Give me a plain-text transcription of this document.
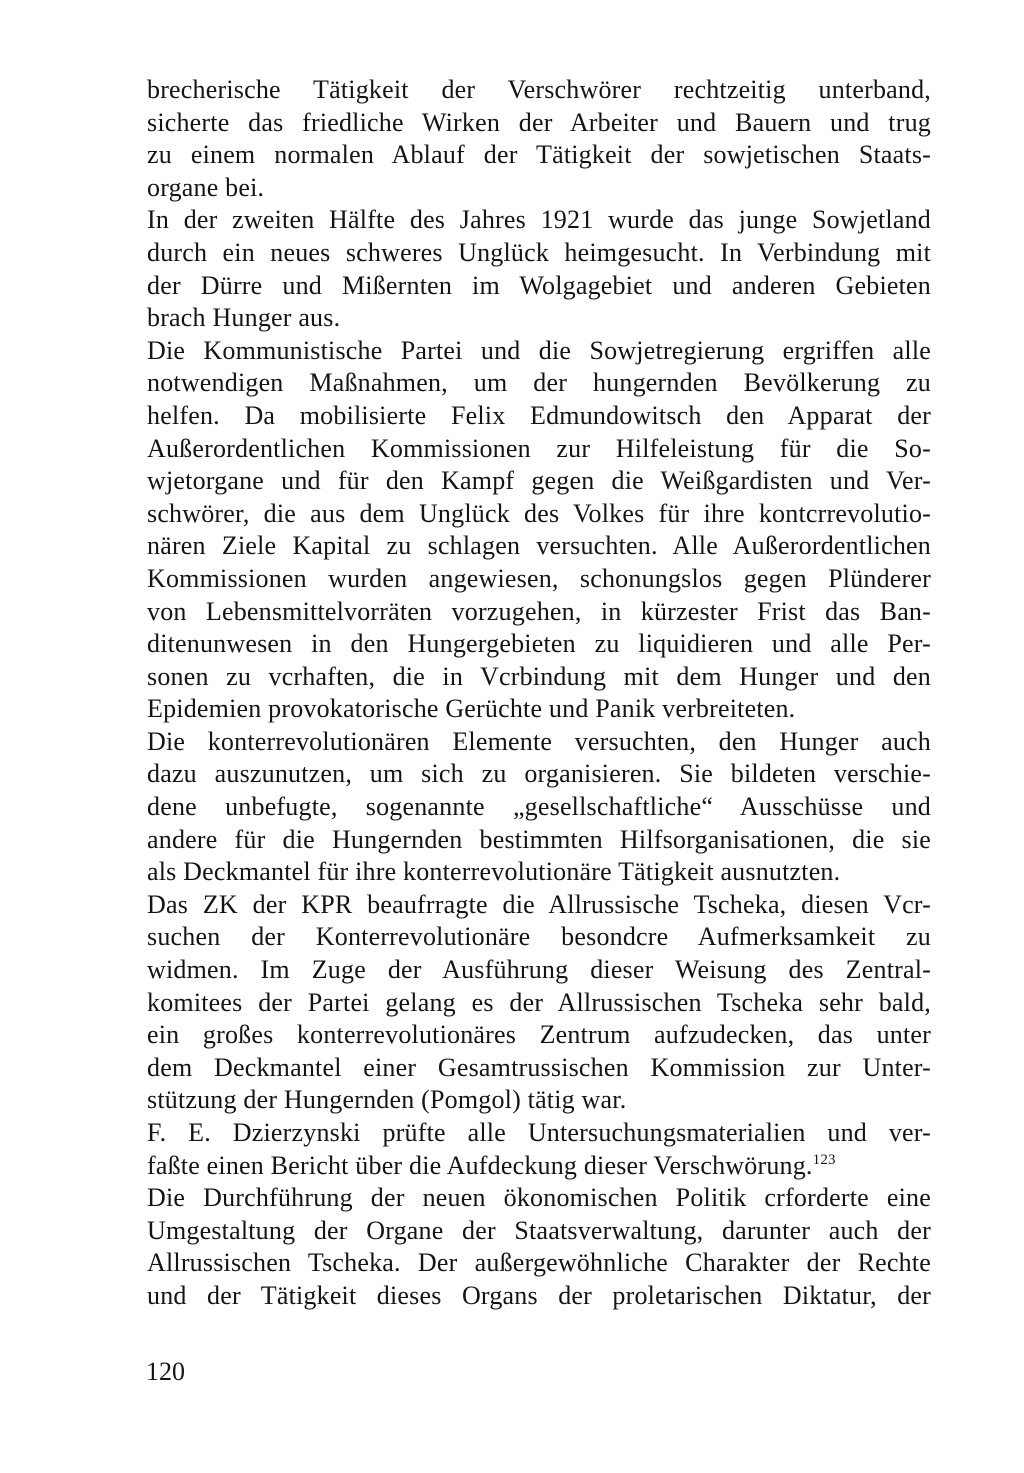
brecherische Tätigkeit der Verschwörer rechtzeitig unterband,
sicherte das friedliche Wirken der Arbeiter und Bauern und trug
zu einem normalen Ablauf der Tätigkeit der sowjetischen Staats-
organe bei.
In der zweiten Hälfte des Jahres 1921 wurde das junge Sowjetland
durch ein neues schweres Unglück heimgesucht. In Verbindung mit
der Dürre und Mißernten im Wolgagebiet und anderen Gebieten
brach Hunger aus.
Die Kommunistische Partei und die Sowjetregierung ergriffen alle
notwendigen Maßnahmen, um der hungernden Bevölkerung zu
helfen. Da mobilisierte Felix Edmundowitsch den Apparat der
Außerordentlichen Kommissionen zur Hilfeleistung für die So-
wjetorgane und für den Kampf gegen die Weißgardisten und Ver-
schwörer, die aus dem Unglück des Volkes für ihre kontcrrevolutio-
nären Ziele Kapital zu schlagen versuchten. Alle Außerordentlichen
Kommissionen wurden angewiesen, schonungslos gegen Plünderer
von Lebensmittelvorräten vorzugehen, in kürzester Frist das Ban-
ditenunwesen in den Hungergebieten zu liquidieren und alle Per-
sonen zu vcrhaften, die in Vcrbindung mit dem Hunger und den
Epidemien provokatorische Gerüchte und Panik verbreiteten.
Die konterrevolutionären Elemente versuchten, den Hunger auch
dazu auszunutzen, um sich zu organisieren. Sie bildeten verschie-
dene unbefugte, sogenannte „gesellschaftliche“ Ausschüsse und
andere für die Hungernden bestimmten Hilfsorganisationen, die sie
als Deckmantel für ihre konterrevolutionäre Tätigkeit ausnutzten.
Das ZK der KPR beaufrragte die Allrussische Tscheka, diesen Vcr-
suchen der Konterrevolutionäre besondcre Aufmerksamkeit zu
widmen. Im Zuge der Ausführung dieser Weisung des Zentral-
komitees der Partei gelang es der Allrussischen Tscheka sehr bald,
ein großes konterrevolutionäres Zentrum aufzudecken, das unter
dem Deckmantel einer Gesamtrussischen Kommission zur Unter-
stützung der Hungernden (Pomgol) tätig war.
F. E. Dzierzynski prüfte alle Untersuchungsmaterialien und ver-
faßte einen Bericht über die Aufdeckung dieser Verschwörung.$^{123}$
Die Durchführung der neuen ökonomischen Politik crforderte eine
Umgestaltung der Organe der Staatsverwaltung, darunter auch der
Allrussischen Tscheka. Der außergewöhnliche Charakter der Rechte
und der Tätigkeit dieses Organs der proletarischen Diktatur, der
120
